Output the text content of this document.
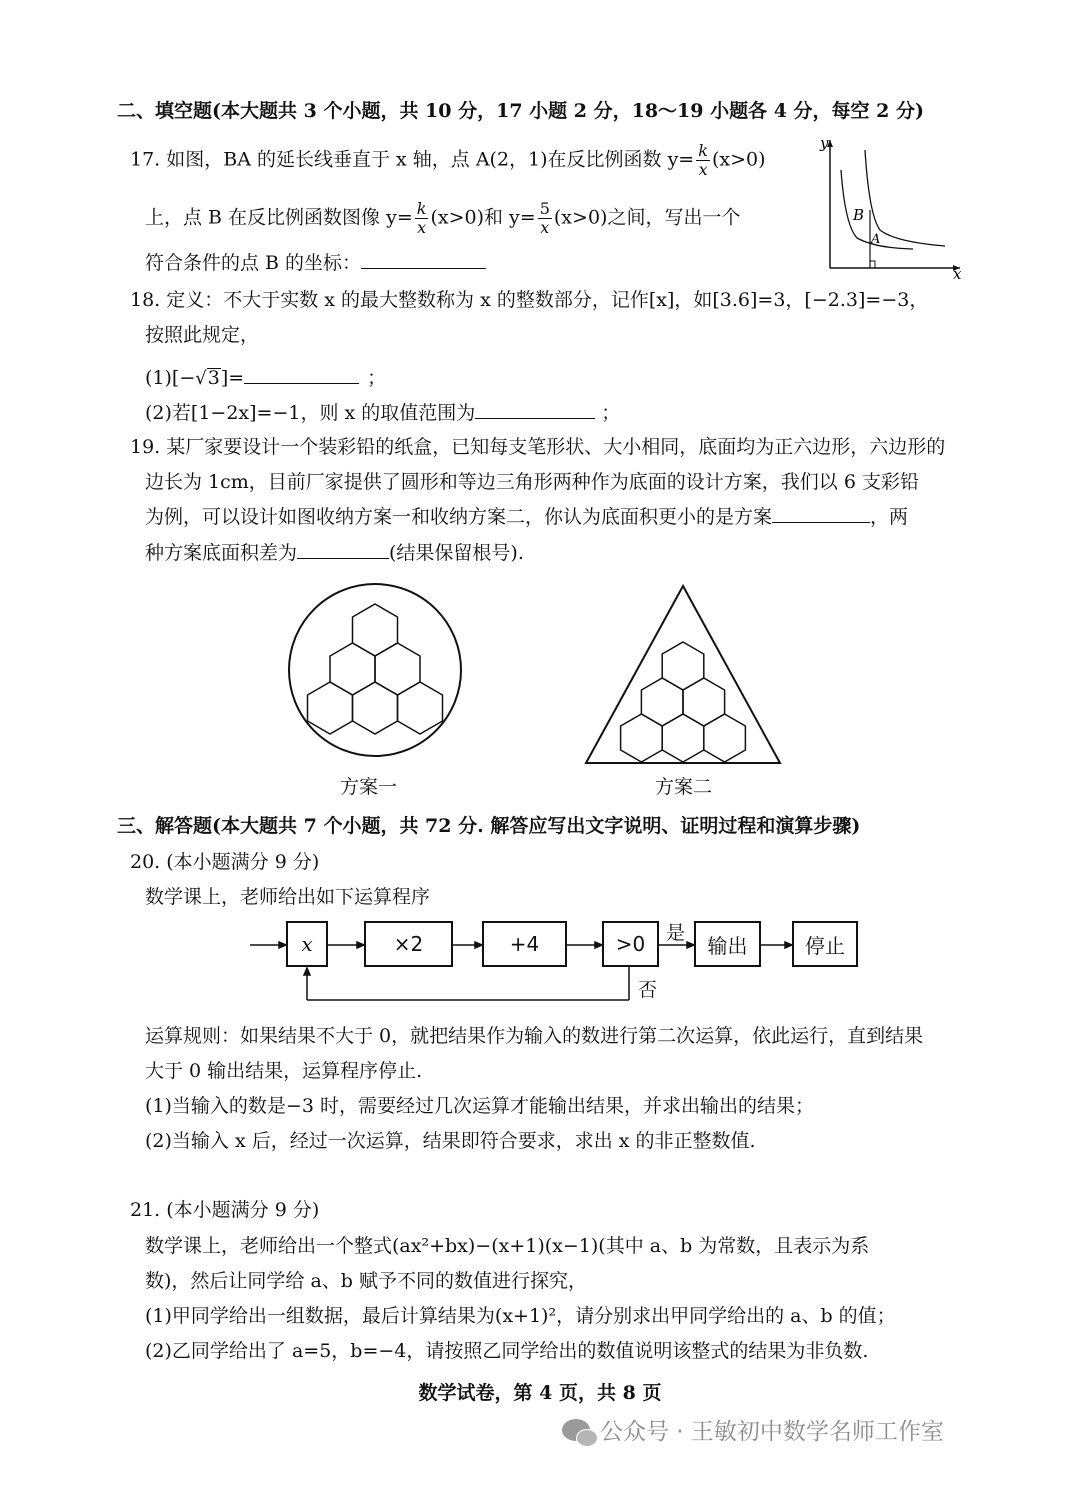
二、填空题(本大题共 3 个小题，共 10 分，17 小题 2 分，18～19 小题各 4 分，每空 2 分)
17. 如图，BA 的延长线垂直于 x 轴，点 A(2，1)在反比例函数 $y= \frac{k}{x} (x>0)$
上，点 B 在反比例函数图像 $y= \frac{k}{x} (x>0)$和 $y= \frac{5}{x} (x>0)$之间，写出一个
符合条件的点 B 的坐标：
y
x
B
A
18. 定义：不大于实数 x 的最大整数称为 x 的整数部分，记作[x]，如[3.6]=3，[−2.3]=−3，
按照此规定，
(1)[−√3]=	；
(2)若[1−2x]=−1，则 x 的取值范围为	；
19. 某厂家要设计一个装彩铅的纸盒，已知每支笔形状、大小相同，底面均为正六边形，六边形的
边长为 1cm，目前厂家提供了圆形和等边三角形两种作为底面的设计方案，我们以 6 支彩铅
为例，可以设计如图收纳方案一和收纳方案二，你认为底面积更小的是方案	，两
种方案底面积差为	(结果保留根号).
方案一	方案二
三、解答题(本大题共 7 个小题，共 72 分. 解答应写出文字说明、证明过程和演算步骤)
20. (本小题满分 9 分)
数学课上，老师给出如下运算程序
x	×2	+4	>0	是
输出	停止
否
运算规则：如果结果不大于 0，就把结果作为输入的数进行第二次运算，依此运行，直到结果
大于 0 输出结果，运算程序停止.
(1)当输入的数是−3 时，需要经过几次运算才能输出结果，并求出输出的结果；
(2)当输入 x 后，经过一次运算，结果即符合要求，求出 x 的非正整数值.
21. (本小题满分 9 分)
数学课上，老师给出一个整式(ax²+bx)−(x+1)(x−1)(其中 a、b 为常数，且表示为系
数)，然后让同学给 a、b 赋予不同的数值进行探究，
(1)甲同学给出一组数据，最后计算结果为(x+1)²，请分别求出甲同学给出的 a、b 的值；
(2)乙同学给出了 a=5，b=−4，请按照乙同学给出的数值说明该整式的结果为非负数.
数学试卷，第 4 页，共 8 页
公众号 · 王敏初中数学名师工作室
